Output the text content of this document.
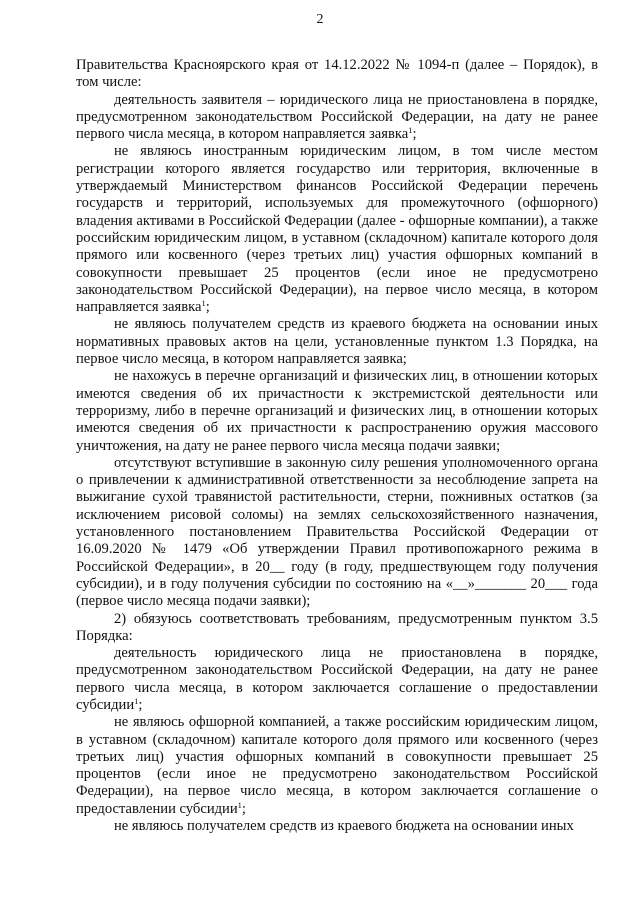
2

Правительства Красноярского края от 14.12.2022 № 1094-п (далее – Порядок), в том числе:

деятельность заявителя – юридического лица не приостановлена в порядке, предусмотренном законодательством Российской Федерации, на дату не ранее первого числа месяца, в котором направляется заявка$^1$;

не являюсь иностранным юридическим лицом, в том числе местом регистрации которого является государство или территория, включенные в утверждаемый Министерством финансов Российской Федерации перечень государств и территорий, используемых для промежуточного (офшорного) владения активами в Российской Федерации (далее - офшорные компании), а также российским юридическим лицом, в уставном (складочном) капитале которого доля прямого или косвенного (через третьих лиц) участия офшорных компаний в совокупности превышает 25 процентов (если иное не предусмотрено законодательством Российской Федерации), на первое число месяца, в котором направляется заявка$^1$;

не являюсь получателем средств из краевого бюджета на основании иных нормативных правовых актов на цели, установленные пунктом 1.3 Порядка, на первое число месяца, в котором направляется заявка;

не нахожусь в перечне организаций и физических лиц, в отношении которых имеются сведения об их причастности к экстремистской деятельности или терроризму, либо в перечне организаций и физических лиц, в отношении которых имеются сведения об их причастности к распространению оружия массового уничтожения, на дату не ранее первого числа месяца подачи заявки;

отсутствуют вступившие в законную силу решения уполномоченного органа о привлечении к административной ответственности за несоблюдение запрета на выжигание сухой травянистой растительности, стерни, пожнивных остатков (за исключением рисовой соломы) на землях сельскохозяйственного назначения, установленного постановлением Правительства Российской Федерации от 16.09.2020 № 1479 «Об утверждении Правил противопожарного режима в Российской Федерации», в 20__ году (в году, предшествующем году получения субсидии), и в году получения субсидии по состоянию на «__»_______ 20___ года (первое число месяца подачи заявки);

2) обязуюсь соответствовать требованиям, предусмотренным пунктом 3.5 Порядка:

деятельность юридического лица не приостановлена в порядке, предусмотренном законодательством Российской Федерации, на дату не ранее первого числа месяца, в котором заключается соглашение о предоставлении субсидии$^1$;

не являюсь офшорной компанией, а также российским юридическим лицом, в уставном (складочном) капитале которого доля прямого или косвенного (через третьих лиц) участия офшорных компаний в совокупности превышает 25 процентов (если иное не предусмотрено законодательством Российской Федерации), на первое число месяца, в котором заключается соглашение о предоставлении субсидии$^1$;

не являюсь получателем средств из краевого бюджета на основании иных
